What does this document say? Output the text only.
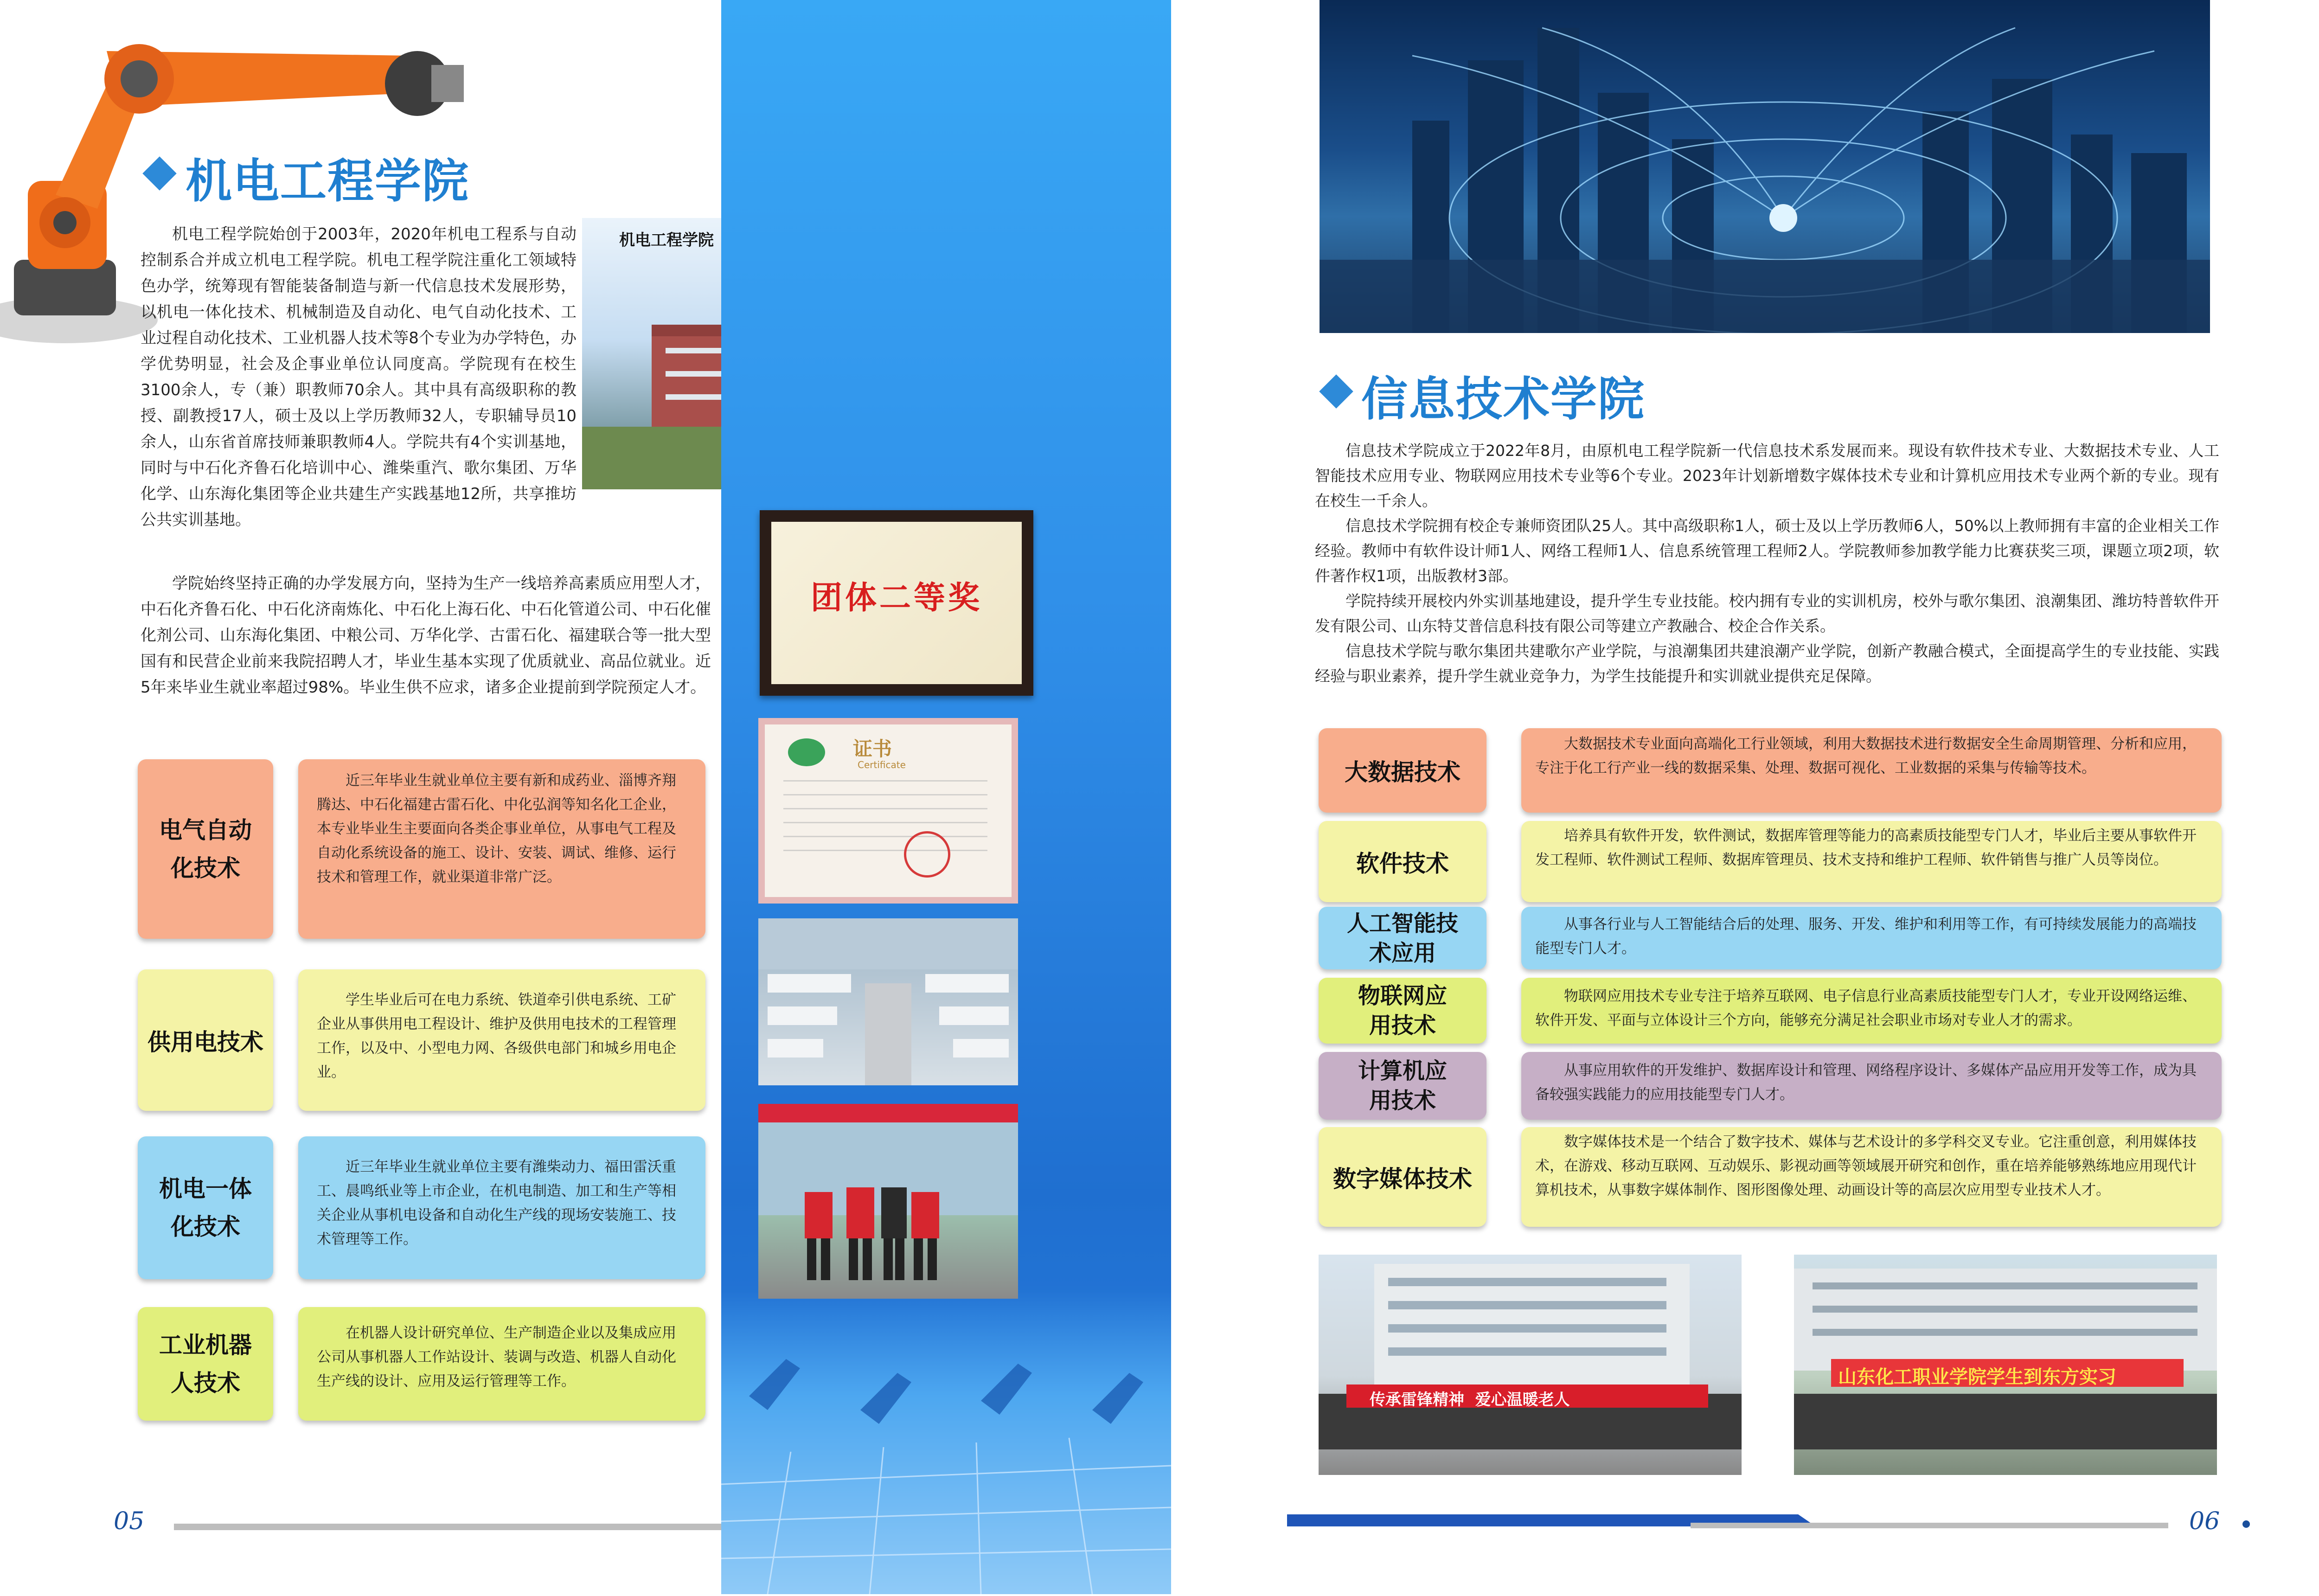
机电工程学院

机电工程学院始创于2003年，2020年机电工程系与自动控制系合并成立机电工程学院。机电工程学院注重化工领域特色办学，统筹现有智能装备制造与新一代信息技术发展形势，以机电一体化技术、机械制造及自动化、电气自动化技术、工业过程自动化技术、工业机器人技术等8个专业为办学特色，办学优势明显，社会及企事业单位认同度高。学院现有在校生3100余人，专（兼）职教师70余人。其中具有高级职称的教授、副教授17人，硕士及以上学历教师32人，专职辅导员10余人，山东省首席技师兼职教师4人。学院共有4个实训基地，同时与中石化齐鲁石化培训中心、潍柴重汽、歌尔集团、万华化学、山东海化集团等企业共建生产实践基地12所，共享推坊公共实训基地。

学院始终坚持正确的办学发展方向，坚持为生产一线培养高素质应用型人才，中石化齐鲁石化、中石化济南炼化、中石化上海石化、中石化管道公司、中石化催化剂公司、山东海化集团、中粮公司、万华化学、古雷石化、福建联合等一批大型国有和民营企业前来我院招聘人才，毕业生基本实现了优质就业、高品位就业。近5年来毕业生就业率超过98%。毕业生供不应求，诸多企业提前到学院预定人才。

机电工程学院
团体二等奖
证书
Certificate
电气自动化技术

近三年毕业生就业单位主要有新和成药业、淄博齐翔腾达、中石化福建古雷石化、中化弘润等知名化工企业，本专业毕业生主要面向各类企事业单位，从事电气工程及自动化系统设备的施工、设计、安装、调试、维修、运行技术和管理工作，就业渠道非常广泛。

供用电技术

学生毕业后可在电力系统、铁道牵引供电系统、工矿企业从事供用电工程设计、维护及供用电技术的工程管理工作，以及中、小型电力网、各级供电部门和城乡用电企业。

机电一体化技术

近三年毕业生就业单位主要有潍柴动力、福田雷沃重工、晨鸣纸业等上市企业，在机电制造、加工和生产等相关企业从事机电设备和自动化生产线的现场安装施工、技术管理等工作。

工业机器人技术

在机器人设计研究单位、生产制造企业以及集成应用公司从事机器人工作站设计、装调与改造、机器人自动化生产线的设计、应用及运行管理等工作。

05
信息技术学院

信息技术学院成立于2022年8月，由原机电工程学院新一代信息技术系发展而来。现设有软件技术专业、大数据技术专业、人工智能技术应用专业、物联网应用技术专业等6个专业。2023年计划新增数字媒体技术专业和计算机应用技术专业两个新的专业。现有在校生一千余人。

信息技术学院拥有校企专兼师资团队25人。其中高级职称1人，硕士及以上学历教师6人，50%以上教师拥有丰富的企业相关工作经验。教师中有软件设计师1人、网络工程师1人、信息系统管理工程师2人。学院教师参加教学能力比赛获奖三项，课题立项2项，软件著作权1项，出版教材3部。

学院持续开展校内外实训基地建设，提升学生专业技能。校内拥有专业的实训机房，校外与歌尔集团、浪潮集团、潍坊特普软件开发有限公司、山东特艾普信息科技有限公司等建立产教融合、校企合作关系。

信息技术学院与歌尔集团共建歌尔产业学院，与浪潮集团共建浪潮产业学院，创新产教融合模式，全面提高学生的专业技能、实践经验与职业素养，提升学生就业竞争力，为学生技能提升和实训就业提供充足保障。

大数据技术

大数据技术专业面向高端化工行业领域，利用大数据技术进行数据安全生命周期管理、分析和应用，专注于化工行产业一线的数据采集、处理、数据可视化、工业数据的采集与传输等技术。

软件技术

培养具有软件开发，软件测试，数据库管理等能力的高素质技能型专门人才，毕业后主要从事软件开发工程师、软件测试工程师、数据库管理员、技术支持和维护工程师、软件销售与推广人员等岗位。

人工智能技术应用

从事各行业与人工智能结合后的处理、服务、开发、维护和利用等工作，有可持续发展能力的高端技能型专门人才。

物联网应用技术

物联网应用技术专业专注于培养互联网、电子信息行业高素质技能型专门人才，专业开设网络运维、软件开发、平面与立体设计三个方向，能够充分满足社会职业市场对专业人才的需求。

计算机应用技术

从事应用软件的开发维护、数据库设计和管理、网络程序设计、多媒体产品应用开发等工作，成为具备较强实践能力的应用技能型专门人才。

数字媒体技术

数字媒体技术是一个结合了数字技术、媒体与艺术设计的多学科交叉专业。它注重创意，利用媒体技术，在游戏、移动互联网、互动娱乐、影视动画等领域展开研究和创作，重在培养能够熟练地应用现代计算机技术，从事数字媒体制作、图形图像处理、动画设计等的高层次应用型专业技术人才。

传承雷锋精神  爱心温暖老人
山东化工职业学院学生到东方实习
06
